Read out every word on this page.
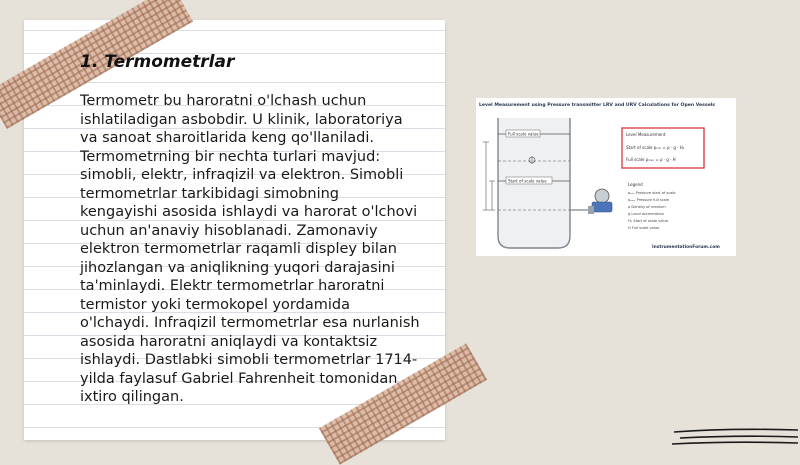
1. Termometrlar

Termometr bu haroratni o'lchash uchun ishlatiladigan asbobdir. U klinik, laboratoriya va sanoat sharoitlarida keng qo'llaniladi. Termometrning bir nechta turlari mavjud: simobli, elektr, infraqizil va elektron. Simobli termometrlar tarkibidagi simobning kengayishi asosida ishlaydi va harorat o'lchovi uchun an'anaviy hisoblanadi. Zamonaviy elektron termometrlar raqamli displey bilan jihozlangan va aniqlikning yuqori darajasini ta'minlaydi. Elektr termometrlar haroratni termistor yoki termokopel yordamida o'lchaydi. Infraqizil termometrlar esa nurlanish asosida haroratni aniqlaydi va kontaktsiz ishlaydi. Dastlabki simobli termometrlar 1714-yilda faylasuf Gabriel Fahrenheit tomonidan ixtiro qilingan.

Level Measurement using Pressure transmitter LRV and URV Calculations for Open Vessels
Full scale value
Start of scale value
Level Measurement
Start of scale pₘᵢₙ = ρ · g · H₁
Full scale pₘₐₓ = ρ · g · H
Legend
pₘᵢₙ Pressure start of scale
pₘₐₓ Pressure full scale
ρ Density of medium
g Local acceleration
H₁ Start of scale value
H Full scale value
InstrumentationForum.com
